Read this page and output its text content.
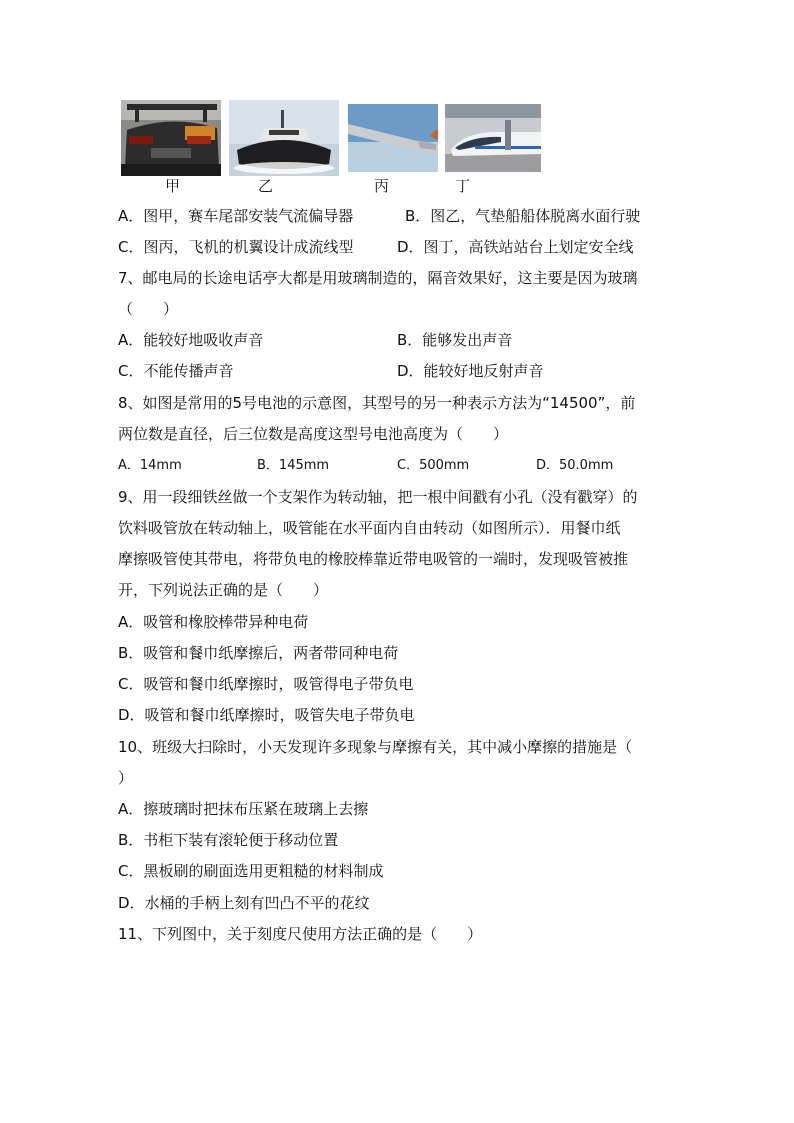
甲	乙	丙	丁
A．图甲，赛车尾部安装气流偏导器	B．图乙，气垫船船体脱离水面行驶
C．图丙，飞机的机翼设计成流线型	D．图丁，高铁站站台上划定安全线
7、邮电局的长途电话亭大都是用玻璃制造的，隔音效果好，这主要是因为玻璃
（　　）
A．能较好地吸收声音	B．能够发出声音
C．不能传播声音	D．能较好地反射声音
8、如图是常用的5号电池的示意图，其型号的另一种表示方法为“14500”，前
两位数是直径，后三位数是高度这型号电池高度为（　　）
A．14mm	B．145mm	C．500mm	D．50.0mm
9、用一段细铁丝做一个支架作为转动轴，把一根中间戳有小孔（没有戳穿）的
饮料吸管放在转动轴上，吸管能在水平面内自由转动（如图所示）．用餐巾纸
摩擦吸管使其带电，将带负电的橡胶棒靠近带电吸管的一端时，发现吸管被推
开，下列说法正确的是（　　）
A．吸管和橡胶棒带异种电荷
B．吸管和餐巾纸摩擦后，两者带同种电荷
C．吸管和餐巾纸摩擦时，吸管得电子带负电
D．吸管和餐巾纸摩擦时，吸管失电子带负电
10、班级大扫除时，小天发现许多现象与摩擦有关，其中减小摩擦的措施是（
）
A．擦玻璃时把抹布压紧在玻璃上去擦
B．书柜下装有滚轮便于移动位置
C．黑板刷的刷面选用更粗糙的材料制成
D．水桶的手柄上刻有凹凸不平的花纹
11、下列图中，关于刻度尺使用方法正确的是（　　）
